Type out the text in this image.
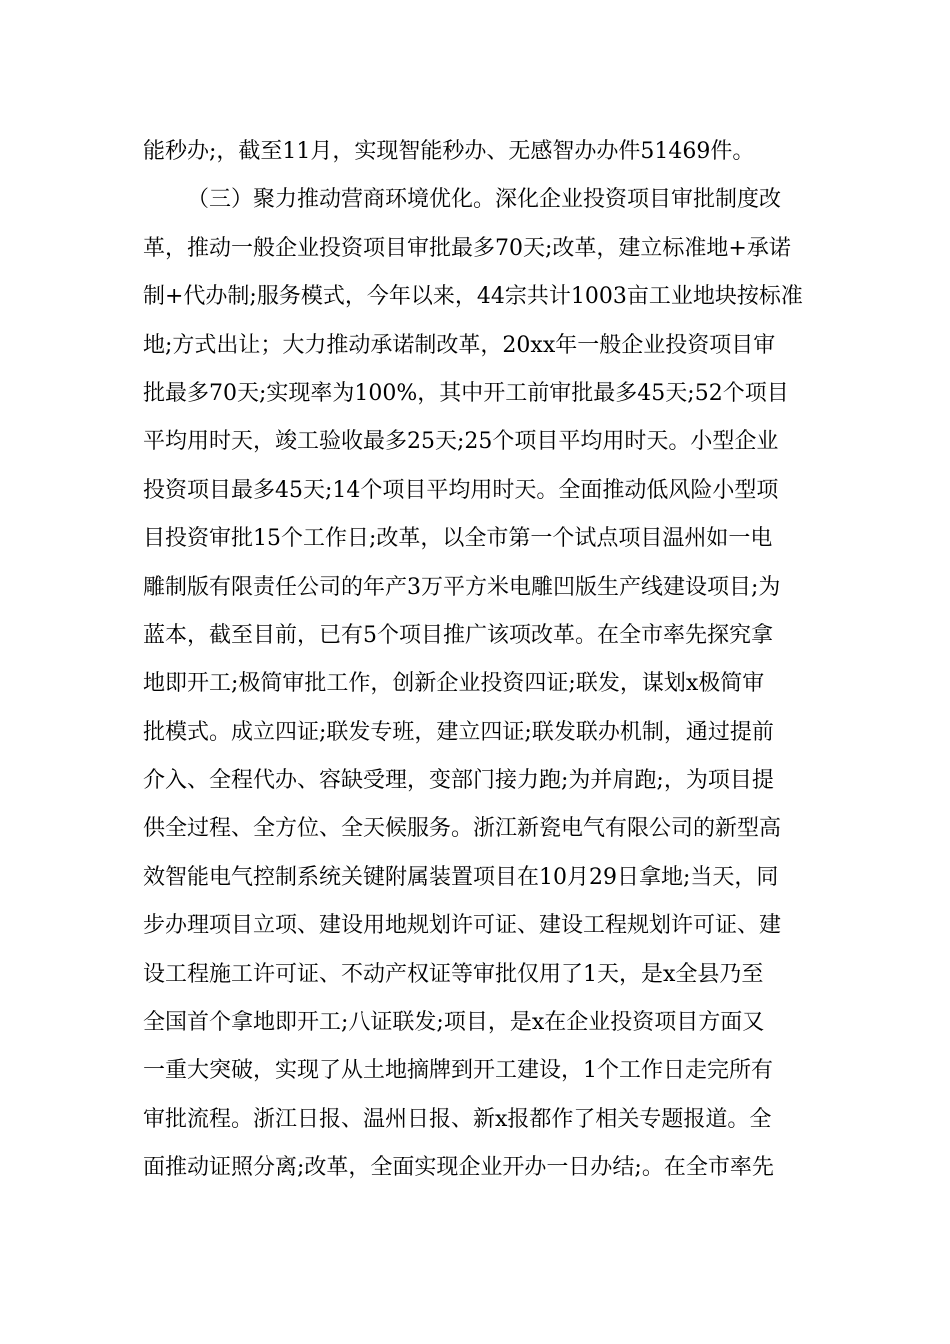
能秒办;，截至11月，实现智能秒办、无感智办办件51469件。
（三）聚力推动营商环境优化。深化企业投资项目审批制度改
革，推动一般企业投资项目审批最多70天;改革，建立标准地+承诺
制+代办制;服务模式，今年以来，44宗共计1003亩工业地块按标准
地;方式出让；大力推动承诺制改革，20xx年一般企业投资项目审
批最多70天;实现率为100%，其中开工前审批最多45天;52个项目
平均用时天，竣工验收最多25天;25个项目平均用时天。小型企业
投资项目最多45天;14个项目平均用时天。全面推动低风险小型项
目投资审批15个工作日;改革，以全市第一个试点项目温州如一电
雕制版有限责任公司的年产3万平方米电雕凹版生产线建设项目;为
蓝本，截至目前，已有5个项目推广该项改革。在全市率先探究拿
地即开工;极简审批工作，创新企业投资四证;联发，谋划x极简审
批模式。成立四证;联发专班，建立四证;联发联办机制，通过提前
介入、全程代办、容缺受理，变部门接力跑;为并肩跑;，为项目提
供全过程、全方位、全天候服务。浙江新瓷电气有限公司的新型高
效智能电气控制系统关键附属装置项目在10月29日拿地;当天，同
步办理项目立项、建设用地规划许可证、建设工程规划许可证、建
设工程施工许可证、不动产权证等审批仅用了1天，是x全县乃至
全国首个拿地即开工;八证联发;项目，是x在企业投资项目方面又
一重大突破，实现了从土地摘牌到开工建设，1个工作日走完所有
审批流程。浙江日报、温州日报、新x报都作了相关专题报道。全
面推动证照分离;改革，全面实现企业开办一日办结;。在全市率先
